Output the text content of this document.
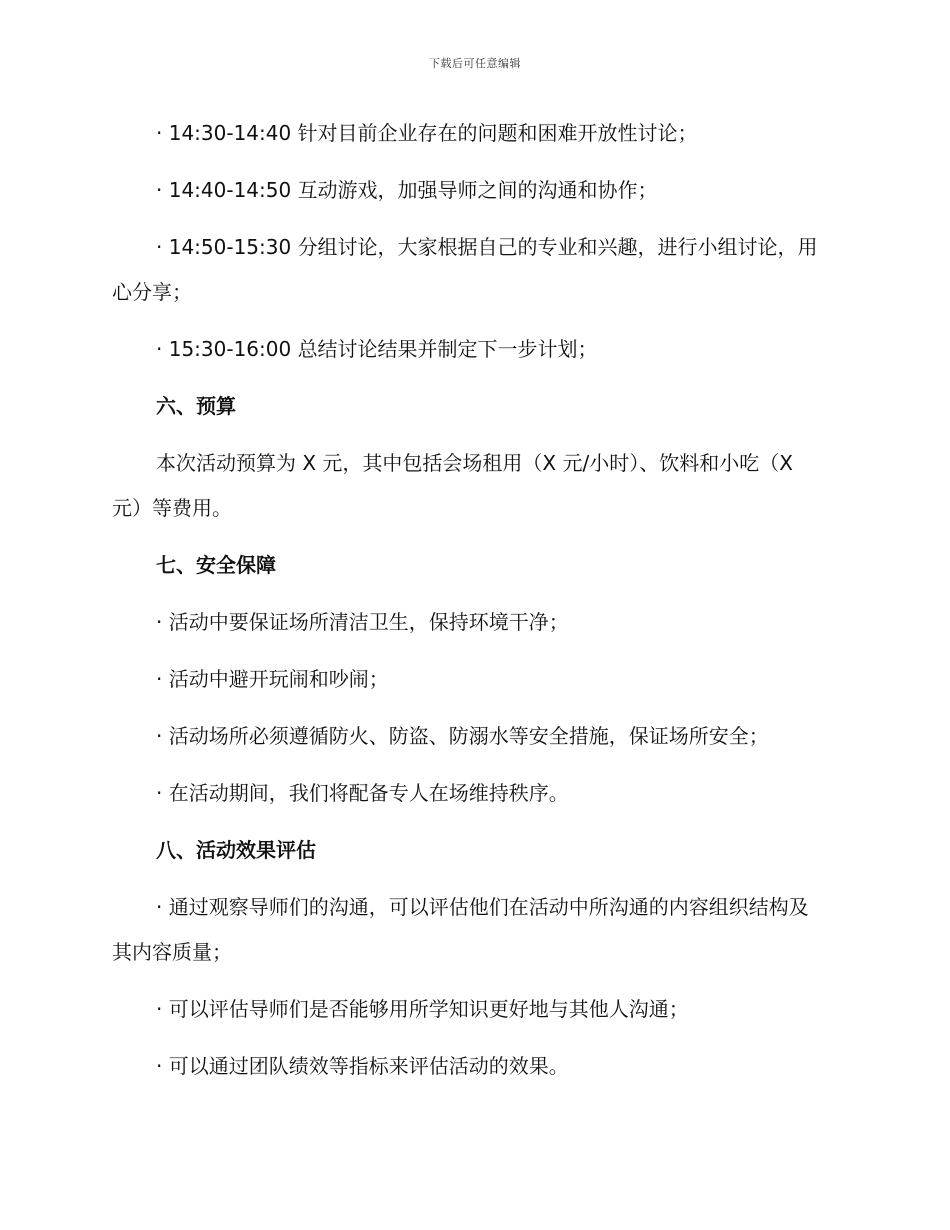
下载后可任意编辑

· 14:30-14:40 针对目前企业存在的问题和困难开放性讨论；

· 14:40-14:50 互动游戏，加强导师之间的沟通和协作；

· 14:50-15:30 分组讨论，大家根据自己的专业和兴趣，进行小组讨论，用心分享；

· 15:30-16:00 总结讨论结果并制定下一步计划；

六、预算

本次活动预算为 X 元，其中包括会场租用（X 元/小时）、饮料和小吃（X 元）等费用。

七、安全保障

· 活动中要保证场所清洁卫生，保持环境干净；

· 活动中避开玩闹和吵闹；

· 活动场所必须遵循防火、防盗、防溺水等安全措施，保证场所安全；

· 在活动期间，我们将配备专人在场维持秩序。

八、活动效果评估

· 通过观察导师们的沟通，可以评估他们在活动中所沟通的内容组织结构及其内容质量；

· 可以评估导师们是否能够用所学知识更好地与其他人沟通；

· 可以通过团队绩效等指标来评估活动的效果。
